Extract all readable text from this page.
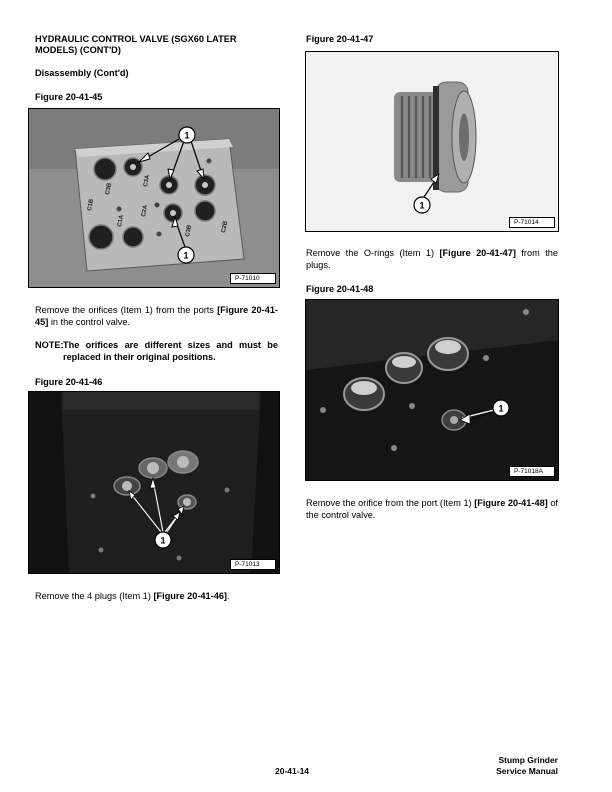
HYDRAULIC CONTROL VALVE (SGX60 LATER MODELS) (CONT'D)
Disassembly (Cont'd)
Figure 20-41-45
C1B
C1A
C3B
C2A
C3A
C3B	C2B
1
1
P-71010
Remove the orifices (Item 1) from the ports [Figure 20-41-45] in the control valve.
NOTE: The orifices are different sizes and must be replaced in their original positions.
Figure 20-41-46
1
P-71013
Remove the 4 plugs (Item 1) [Figure 20-41-46].
Figure 20-41-47
1
P-71014
Remove the O-rings (Item 1) [Figure 20-41-47] from the plugs.
Figure 20-41-48
1
P-71018A
Remove the orifice from the port (Item 1) [Figure 20-41-48] of the control valve.
20-41-14
Stump Grinder
Service Manual
